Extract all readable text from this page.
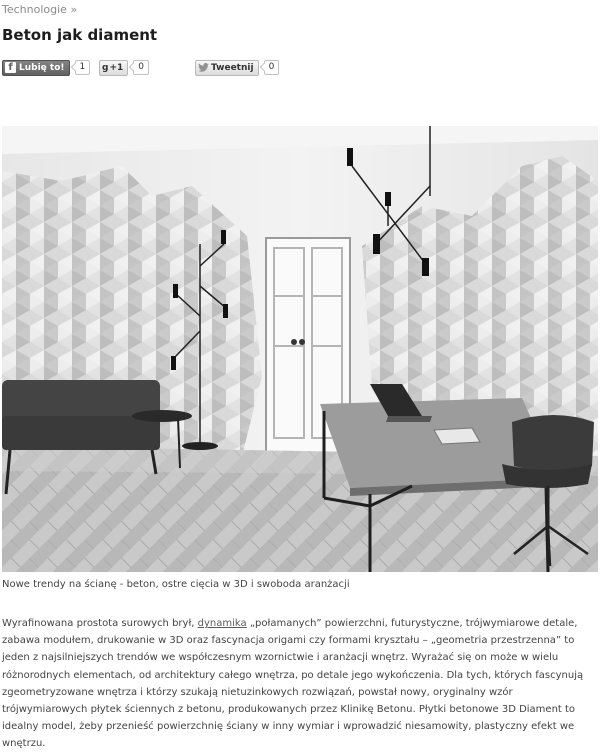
Technologie »
Beton jak diament
f Lubię to!	1	g +1	0	Tweetnij	0

Nowe trendy na ścianę - beton, ostre cięcia w 3D i swoboda aranżacji

Wyrafinowana prostota surowych brył, dynamika „połamanych” powierzchni, futurystyczne, trójwymiarowe detale, zabawa modułem, drukowanie w 3D oraz fascynacja origami czy formami kryształu – „geometria przestrzenna” to jeden z najsilniejszych trendów we współczesnym wzornictwie i aranżacji wnętrz. Wyrażać się on może w wielu różnorodnych elementach, od architektury całego wnętrza, po detale jego wykończenia. Dla tych, których fascynują zgeometryzowane wnętrza i którzy szukają nietuzinkowych rozwiązań, powstał nowy, oryginalny wzór trójwymiarowych płytek ściennych z betonu, produkowanych przez Klinikę Betonu. Płytki betonowe 3D Diament to idealny model, żeby przenieść powierzchnię ściany w inny wymiar i wprowadzić niesamowity, plastyczny efekt we wnętrzu.
